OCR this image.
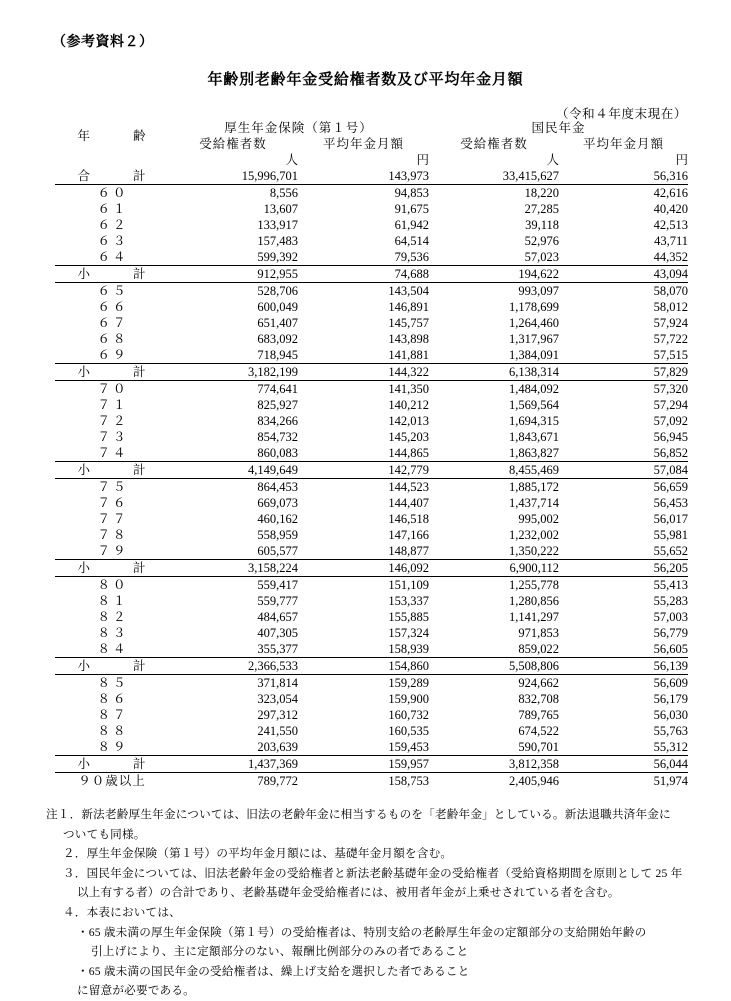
（参考資料２）
年齢別老齢年金受給権者数及び平均年金月額
（令和４年度末現在）
年　　齢	厚生年金保険（第１号）		国民年金	
	受給権者数	平均年金月額	受給権者数	平均年金月額
	人	円	人	円
合　　計	15,996,701	143,973	33,415,627	56,316
６０	8,556	94,853	18,220	42,616
６１	13,607	91,675	27,285	40,420
６２	133,917	61,942	39,118	42,513
６３	157,483	64,514	52,976	43,711
６４	599,392	79,536	57,023	44,352
小　　計	912,955	74,688	194,622	43,094
６５	528,706	143,504	993,097	58,070
６６	600,049	146,891	1,178,699	58,012
６７	651,407	145,757	1,264,460	57,924
６８	683,092	143,898	1,317,967	57,722
６９	718,945	141,881	1,384,091	57,515
小　　計	3,182,199	144,322	6,138,314	57,829
７０	774,641	141,350	1,484,092	57,320
７１	825,927	140,212	1,569,564	57,294
７２	834,266	142,013	1,694,315	57,092
７３	854,732	145,203	1,843,671	56,945
７４	860,083	144,865	1,863,827	56,852
小　　計	4,149,649	142,779	8,455,469	57,084
７５	864,453	144,523	1,885,172	56,659
７６	669,073	144,407	1,437,714	56,453
７７	460,162	146,518	995,002	56,017
７８	558,959	147,166	1,232,002	55,981
７９	605,577	148,877	1,350,222	55,652
小　　計	3,158,224	146,092	6,900,112	56,205
８０	559,417	151,109	1,255,778	55,413
８１	559,777	153,337	1,280,856	55,283
８２	484,657	155,885	1,141,297	57,003
８３	407,305	157,324	971,853	56,779
８４	355,377	158,939	859,022	56,605
小　　計	2,366,533	154,860	5,508,806	56,139
８５	371,814	159,289	924,662	56,609
８６	323,054	159,900	832,708	56,179
８７	297,312	160,732	789,765	56,030
８８	241,550	160,535	674,522	55,763
８９	203,639	159,453	590,701	55,312
小　　計	1,437,369	159,957	3,812,358	56,044
９０歳以上	789,772	158,753	2,405,946	51,974
注１．新法老齢厚生年金については、旧法の老齢年金に相当するものを「老齢年金」としている。新法退職共済年金に
ついても同様。
２．厚生年金保険（第１号）の平均年金月額には、基礎年金月額を含む。
３．国民年金については、旧法老齢年金の受給権者と新法老齢基礎年金の受給権者（受給資格期間を原則として 25 年
以上有する者）の合計であり、老齢基礎年金受給権者には、被用者年金が上乗せされている者を含む。
４．本表においては、
・65 歳未満の厚生年金保険（第１号）の受給権者は、特別支給の老齢厚生年金の定額部分の支給開始年齢の
引上げにより、主に定額部分のない、報酬比例部分のみの者であること
・65 歳未満の国民年金の受給権者は、繰上げ支給を選択した者であること
に留意が必要である。
